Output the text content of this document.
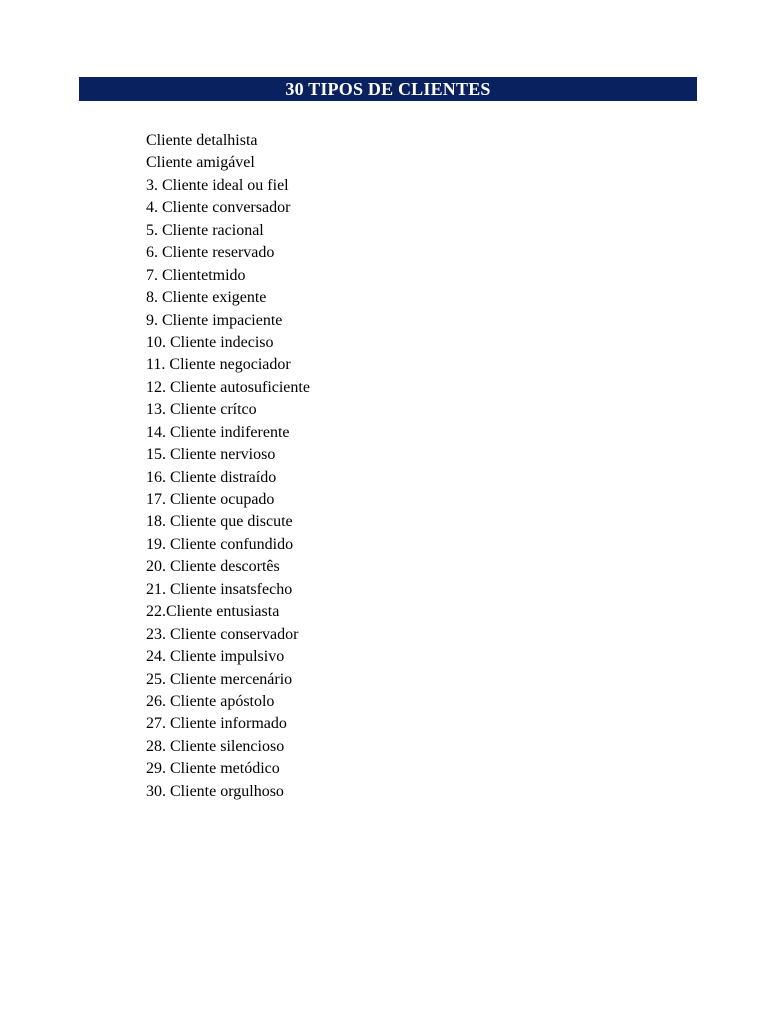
30 TIPOS DE CLIENTES
Cliente detalhista
Cliente amigável
3. Cliente ideal ou fiel
4. Cliente conversador
5. Cliente racional
6. Cliente reservado
7. Clientetmido
8. Cliente exigente
9. Cliente impaciente
10. Cliente indeciso
11. Cliente negociador
12. Cliente autosuficiente
13. Cliente crítco
14. Cliente indiferente
15. Cliente nervioso
16. Cliente distraído
17. Cliente ocupado
18. Cliente que discute
19. Cliente confundido
20. Cliente descortês
21. Cliente insatsfecho
22.Cliente entusiasta
23. Cliente conservador
24. Cliente impulsivo
25. Cliente mercenário
26. Cliente apóstolo
27. Cliente informado
28. Cliente silencioso
29. Cliente metódico
30. Cliente orgulhoso
